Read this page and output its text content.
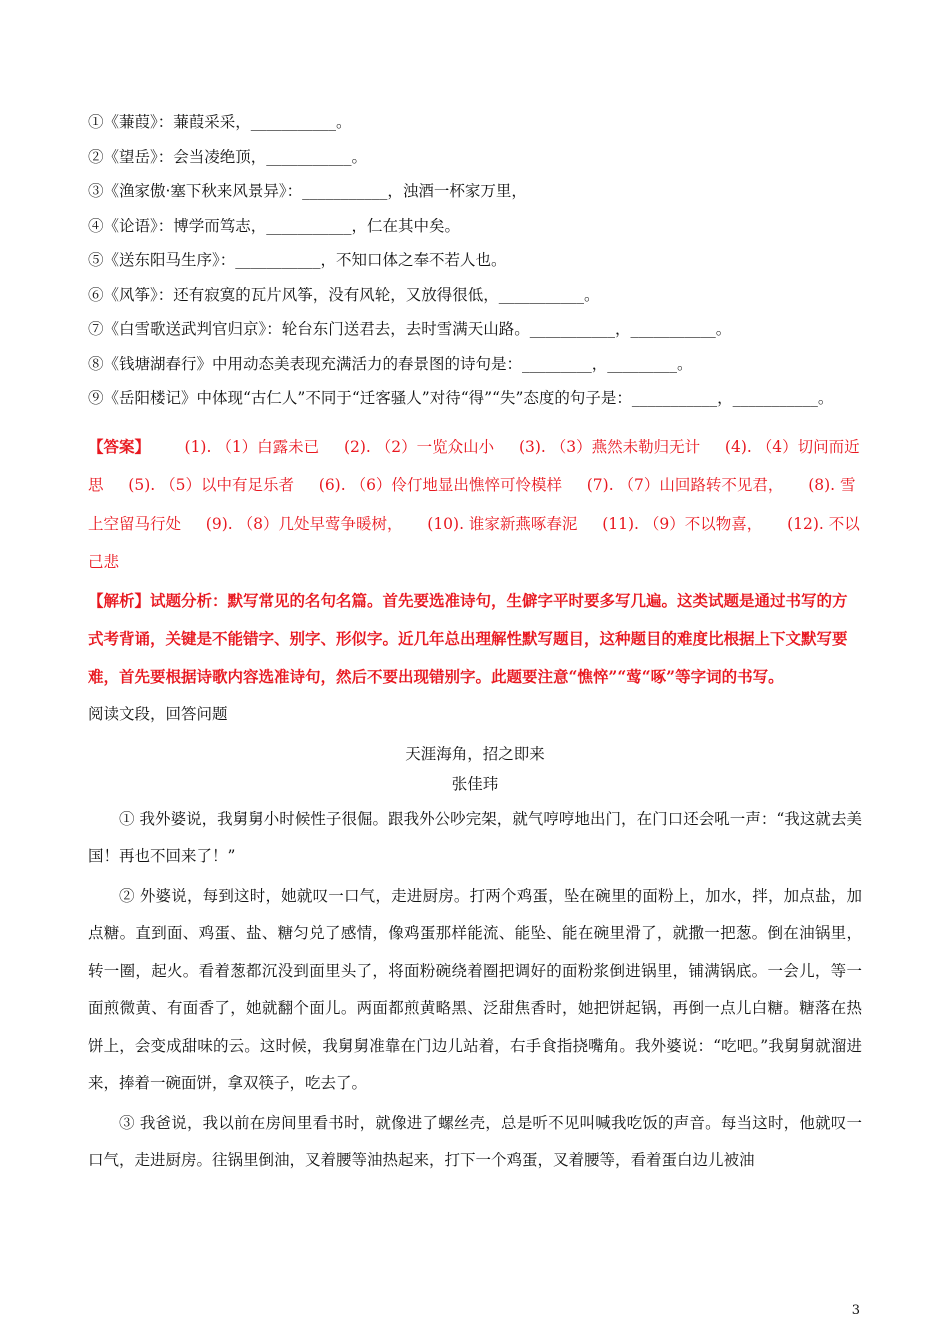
①《蒹葭》：蒹葭采采，___________。
②《望岳》：会当凌绝顶，___________。
③《渔家傲·塞下秋来风景异》：___________，浊酒一杯家万里，
④《论语》：博学而笃志，___________，仁在其中矣。
⑤《送东阳马生序》：___________，不知口体之奉不若人也。
⑥《风筝》：还有寂寞的瓦片风筝，没有风轮，又放得很低，___________。
⑦《白雪歌送武判官归京》：轮台东门送君去，去时雪满天山路。___________，___________。
⑧《钱塘湖春行》中用动态美表现充满活力的春景图的诗句是：_________，_________。
⑨《岳阳楼记》中体现“古仁人”不同于“迁客骚人”对待“得”“失”态度的句子是：___________，___________。
【答案】 (1). （1）白露未已 (2). （2）一览众山小 (3). （3）燕然未勒归无计 (4). （4）切问而近思 (5). （5）以中有足乐者 (6). （6）伶仃地显出憔悴可怜模样 (7). （7）山回路转不见君， (8). 雪上空留马行处 (9). （8）几处早莺争暖树， (10). 谁家新燕啄春泥 (11). （9）不以物喜， (12). 不以己悲
【解析】试题分析：默写常见的名句名篇。首先要选准诗句，生僻字平时要多写几遍。这类试题是通过书写的方式考背诵，关键是不能错字、别字、形似字。近几年总出理解性默写题目，这种题目的难度比根据上下文默写要难，首先要根据诗歌内容选准诗句，然后不要出现错别字。此题要注意“憔悴”“莺“啄”等字词的书写。
阅读文段，回答问题
天涯海角，招之即来
张佳玮
① 我外婆说，我舅舅小时候性子很倔。跟我外公吵完架，就气哼哼地出门，在门口还会吼一声：“我这就去美国！再也不回来了！”
② 外婆说，每到这时，她就叹一口气，走进厨房。打两个鸡蛋，坠在碗里的面粉上，加水，拌，加点盐，加点糖。直到面、鸡蛋、盐、糖匀兑了感情，像鸡蛋那样能流、能坠、能在碗里滑了，就撒一把葱。倒在油锅里，转一圈，起火。看着葱都沉没到面里头了，将面粉碗绕着圈把调好的面粉浆倒进锅里，铺满锅底。一会儿，等一面煎微黄、有面香了，她就翻个面儿。两面都煎黄略黑、泛甜焦香时，她把饼起锅，再倒一点儿白糖。糖落在热饼上，会变成甜味的云。这时候，我舅舅准靠在门边儿站着，右手食指挠嘴角。我外婆说：“吃吧。”我舅舅就溜进来，捧着一碗面饼，拿双筷子，吃去了。
③ 我爸说，我以前在房间里看书时，就像进了螺丝壳，总是听不见叫喊我吃饭的声音。每当这时，他就叹一口气，走进厨房。往锅里倒油，叉着腰等油热起来，打下一个鸡蛋，叉着腰等，看着蛋白边儿被油
3
